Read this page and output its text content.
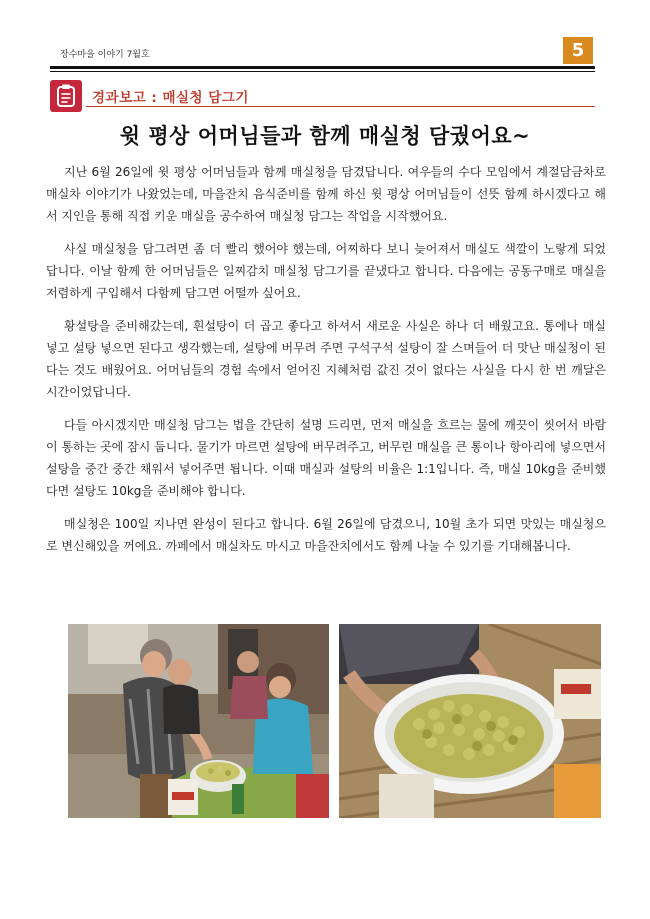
장수마을 이야기 7월호	5
경과보고 : 매실청 담그기
윗 평상 어머님들과 함께 매실청 담궜어요~

지난 6월 26일에 윗 평상 어머님들과 함께 매실청을 담겼답니다. 여우들의 수다 모임에서 계절담금차로 매실차 이야기가 나왔었는데, 마을잔치 음식준비를 함께 하신 윗 평상 어머님들이 선뜻 함께 하시겠다고 해서 지인을 통해 직접 키운 매실을 공수하여 매실청 담그는 작업을 시작했어요.

사실 매실청을 담그려면 좀 더 빨리 했어야 했는데, 어찌하다 보니 늦어져서 매실도 색깔이 노랗게 되었답니다. 이날 함께 한 어머님들은 일찌감치 매실청 담그기를 끝냈다고 합니다. 다음에는 공동구매로 매실을 저렴하게 구입해서 다함께 담그면 어떨까 싶어요.

황설탕을 준비해갔는데, 흰설탕이 더 곱고 좋다고 하셔서 새로운 사실은 하나 더 배웠고요. 통에나 매실 넣고 설탕 넣으면 된다고 생각했는데, 설탕에 버무려 주면 구석구석 설탕이 잘 스며들어 더 맛난 매실청이 된다는 것도 배웠어요. 어머님들의 경험 속에서 얻어진 지혜처럼 값진 것이 없다는 사실을 다시 한 번 깨달은 시간이었답니다.

다들 아시겠지만 매실청 담그는 법을 간단히 설명 드리면, 먼저 매실을 흐르는 물에 깨끗이 씻어서 바람이 통하는 곳에 잠시 둡니다. 물기가 마르면 설탕에 버무려주고, 버무린 매실을 큰 통이나 항아리에 넣으면서 설탕을 중간 중간 채워서 넣어주면 됩니다. 이때 매실과 설탕의 비율은 1:1입니다. 즉, 매실 10kg을 준비했다면 설탕도 10kg을 준비해야 합니다.

매실청은 100일 지나면 완성이 된다고 합니다. 6월 26일에 담겼으니, 10월 초가 되면 맛있는 매실청으로 변신해있을 꺼에요. 까페에서 매실차도 마시고 마을잔치에서도 함께 나눌 수 있기를 기대해봅니다.
